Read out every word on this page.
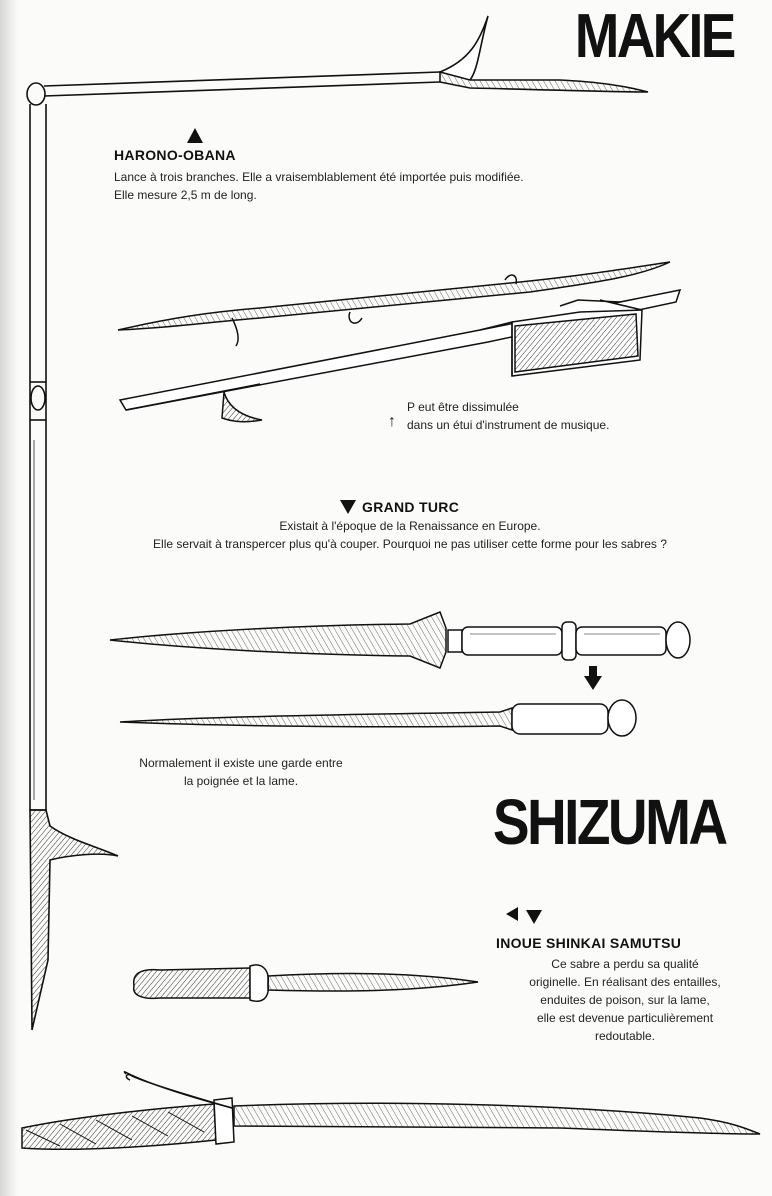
MAKIE
SHIZUMA
HARONO-OBANA

Lance à trois branches. Elle a vraisemblablement été importée puis modifiée.

Elle mesure 2,5 m de long.

↑

P eut être dissimulée

dans un étui d'instrument de musique.

GRAND TURC

Existait à l'époque de la Renaissance en Europe.

Elle servait à transpercer plus qu'à couper. Pourquoi ne pas utiliser cette forme pour les sabres ?

Normalement il existe une garde entre

la poignée et la lame.

INOUE SHINKAI SAMUTSU

Ce sabre a perdu sa qualité

originelle. En réalisant des entailles,

enduites de poison, sur la lame,

elle est devenue particulièrement

redoutable.
